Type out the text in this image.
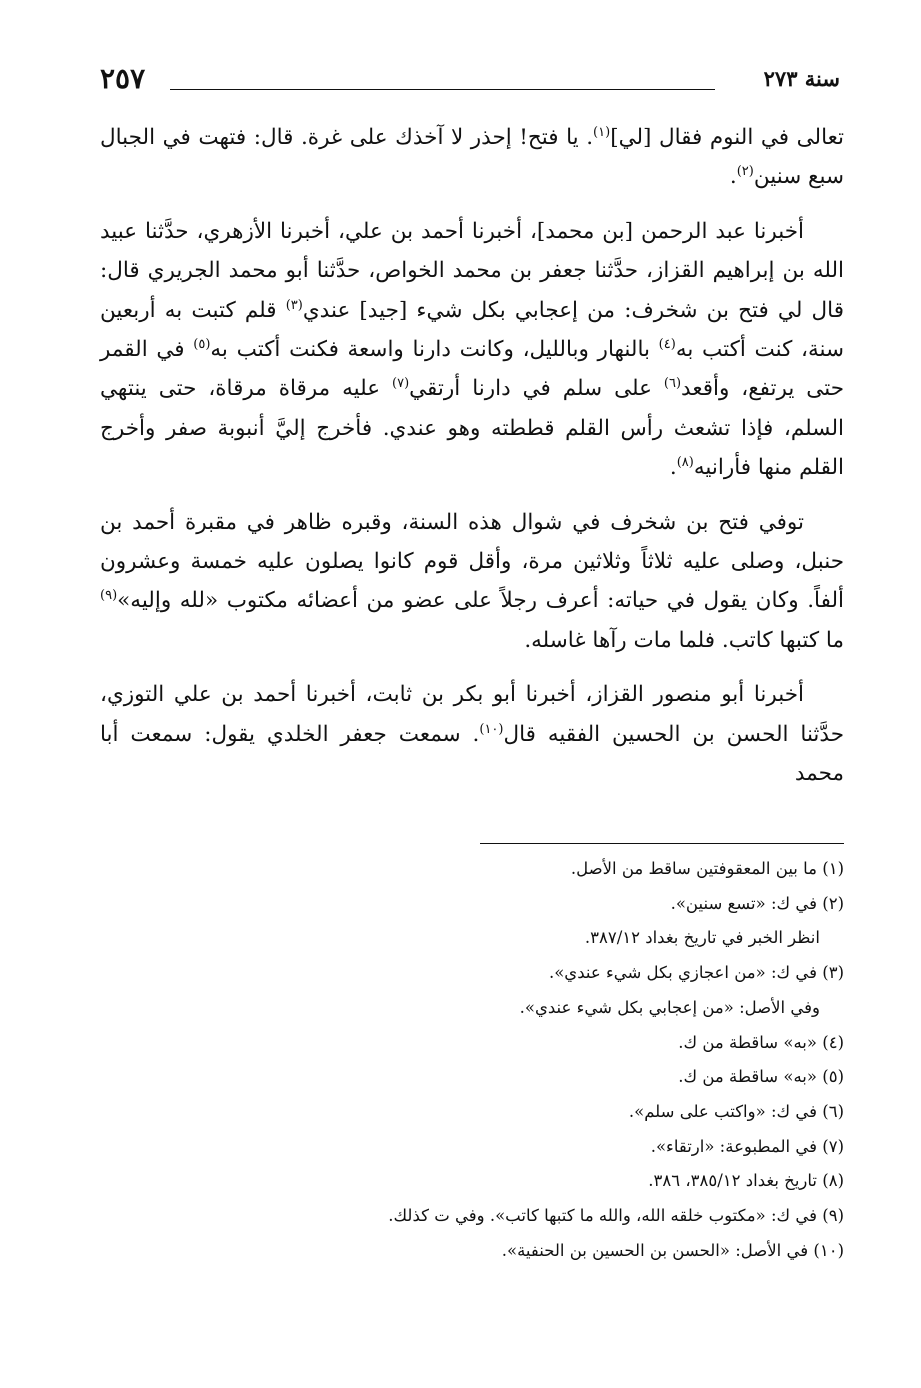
سنة ٢٧٣
٢٥٧

تعالى في النوم فقال [لي]$^{(١)}$. يا فتح! إحذر لا آخذك على غرة. قال: فتهت في الجبال سبع سنين$^{(٢)}$.

أخبرنا عبد الرحمن [بن محمد]، أخبرنا أحمد بن علي، أخبرنا الأزهري، حدَّثنا عبيد الله بن إبراهيم القزاز، حدَّثنا جعفر بن محمد الخواص، حدَّثنا أبو محمد الجريري قال: قال لي فتح بن شخرف: من إعجابي بكل شيء [جيد] عندي$^{(٣)}$ قلم كتبت به أربعين سنة، كنت أكتب به$^{(٤)}$ بالنهار وبالليل، وكانت دارنا واسعة فكنت أكتب به$^{(٥)}$ في القمر حتى يرتفع، وأقعد$^{(٦)}$ على سلم في دارنا أرتقي$^{(٧)}$ عليه مرقاة مرقاة، حتى ينتهي السلم، فإذا تشعث رأس القلم قططته وهو عندي. فأخرج إليَّ أنبوبة صفر وأخرج القلم منها فأرانيه$^{(٨)}$.

توفي فتح بن شخرف في شوال هذه السنة، وقبره ظاهر في مقبرة أحمد بن حنبل، وصلى عليه ثلاثاً وثلاثين مرة، وأقل قوم كانوا يصلون عليه خمسة وعشرون ألفاً. وكان يقول في حياته: أعرف رجلاً على عضو من أعضائه مكتوب «لله وإليه»$^{(٩)}$ ما كتبها كاتب. فلما مات رآها غاسله.

أخبرنا أبو منصور القزاز، أخبرنا أبو بكر بن ثابت، أخبرنا أحمد بن علي التوزي، حدَّثنا الحسن بن الحسين الفقيه قال$^{(١٠)}$. سمعت جعفر الخلدي يقول: سمعت أبا محمد

(١) ما بين المعقوفتين ساقط من الأصل.
(٢) في ك: «تسع سنين».
انظر الخبر في تاريخ بغداد ٣٨٧/١٢.
(٣) في ك: «من اعجازي بكل شيء عندي».
وفي الأصل: «من إعجابي بكل شيء عندي».
(٤) «به» ساقطة من ك.
(٥) «به» ساقطة من ك.
(٦) في ك: «واكتب على سلم».
(٧) في المطبوعة: «ارتقاء».
(٨) تاريخ بغداد ٣٨٥/١٢، ٣٨٦.
(٩) في ك: «مكتوب خلقه الله، والله ما كتبها كاتب». وفي ت كذلك.
(١٠) في الأصل: «الحسن بن الحسين بن الحنفية».
